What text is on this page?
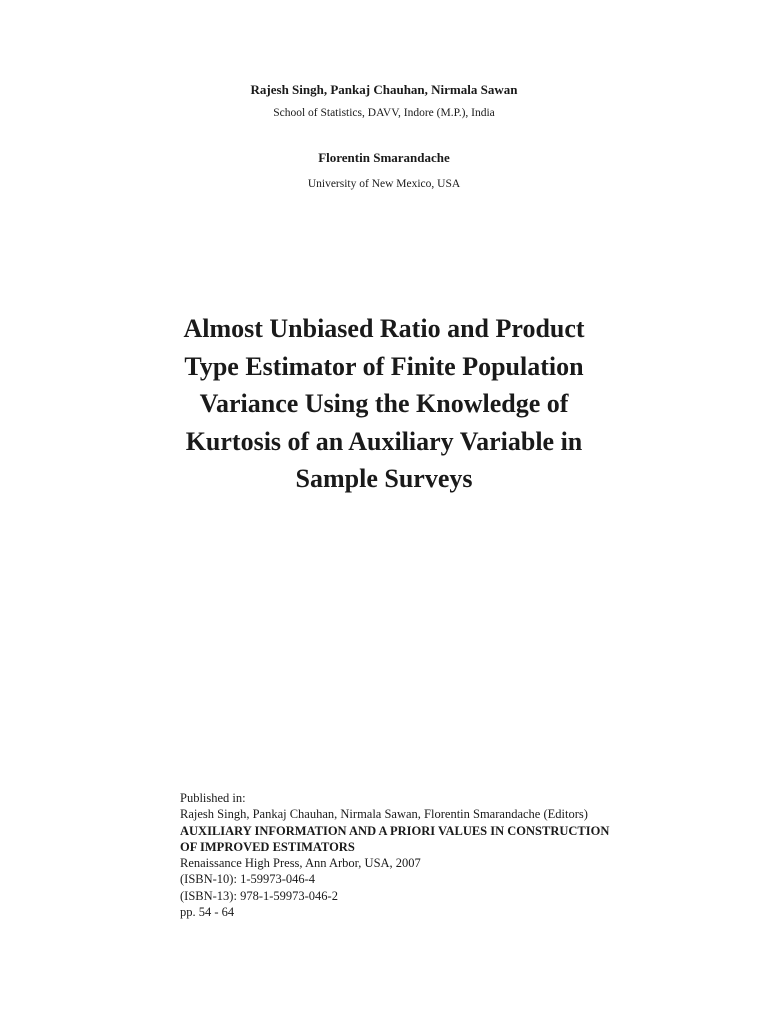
Rajesh Singh, Pankaj Chauhan, Nirmala Sawan
School of Statistics, DAVV, Indore (M.P.), India
Florentin Smarandache
University of New Mexico, USA
Almost Unbiased Ratio and Product
Type Estimator of Finite Population
Variance Using the Knowledge of
Kurtosis of an Auxiliary Variable in
Sample Surveys
Published in:
Rajesh Singh, Pankaj Chauhan, Nirmala Sawan, Florentin Smarandache (Editors)
AUXILIARY INFORMATION AND A PRIORI VALUES IN CONSTRUCTION
OF IMPROVED ESTIMATORS
Renaissance High Press, Ann Arbor, USA, 2007
(ISBN-10): 1-59973-046-4
(ISBN-13): 978-1-59973-046-2
pp. 54 - 64
